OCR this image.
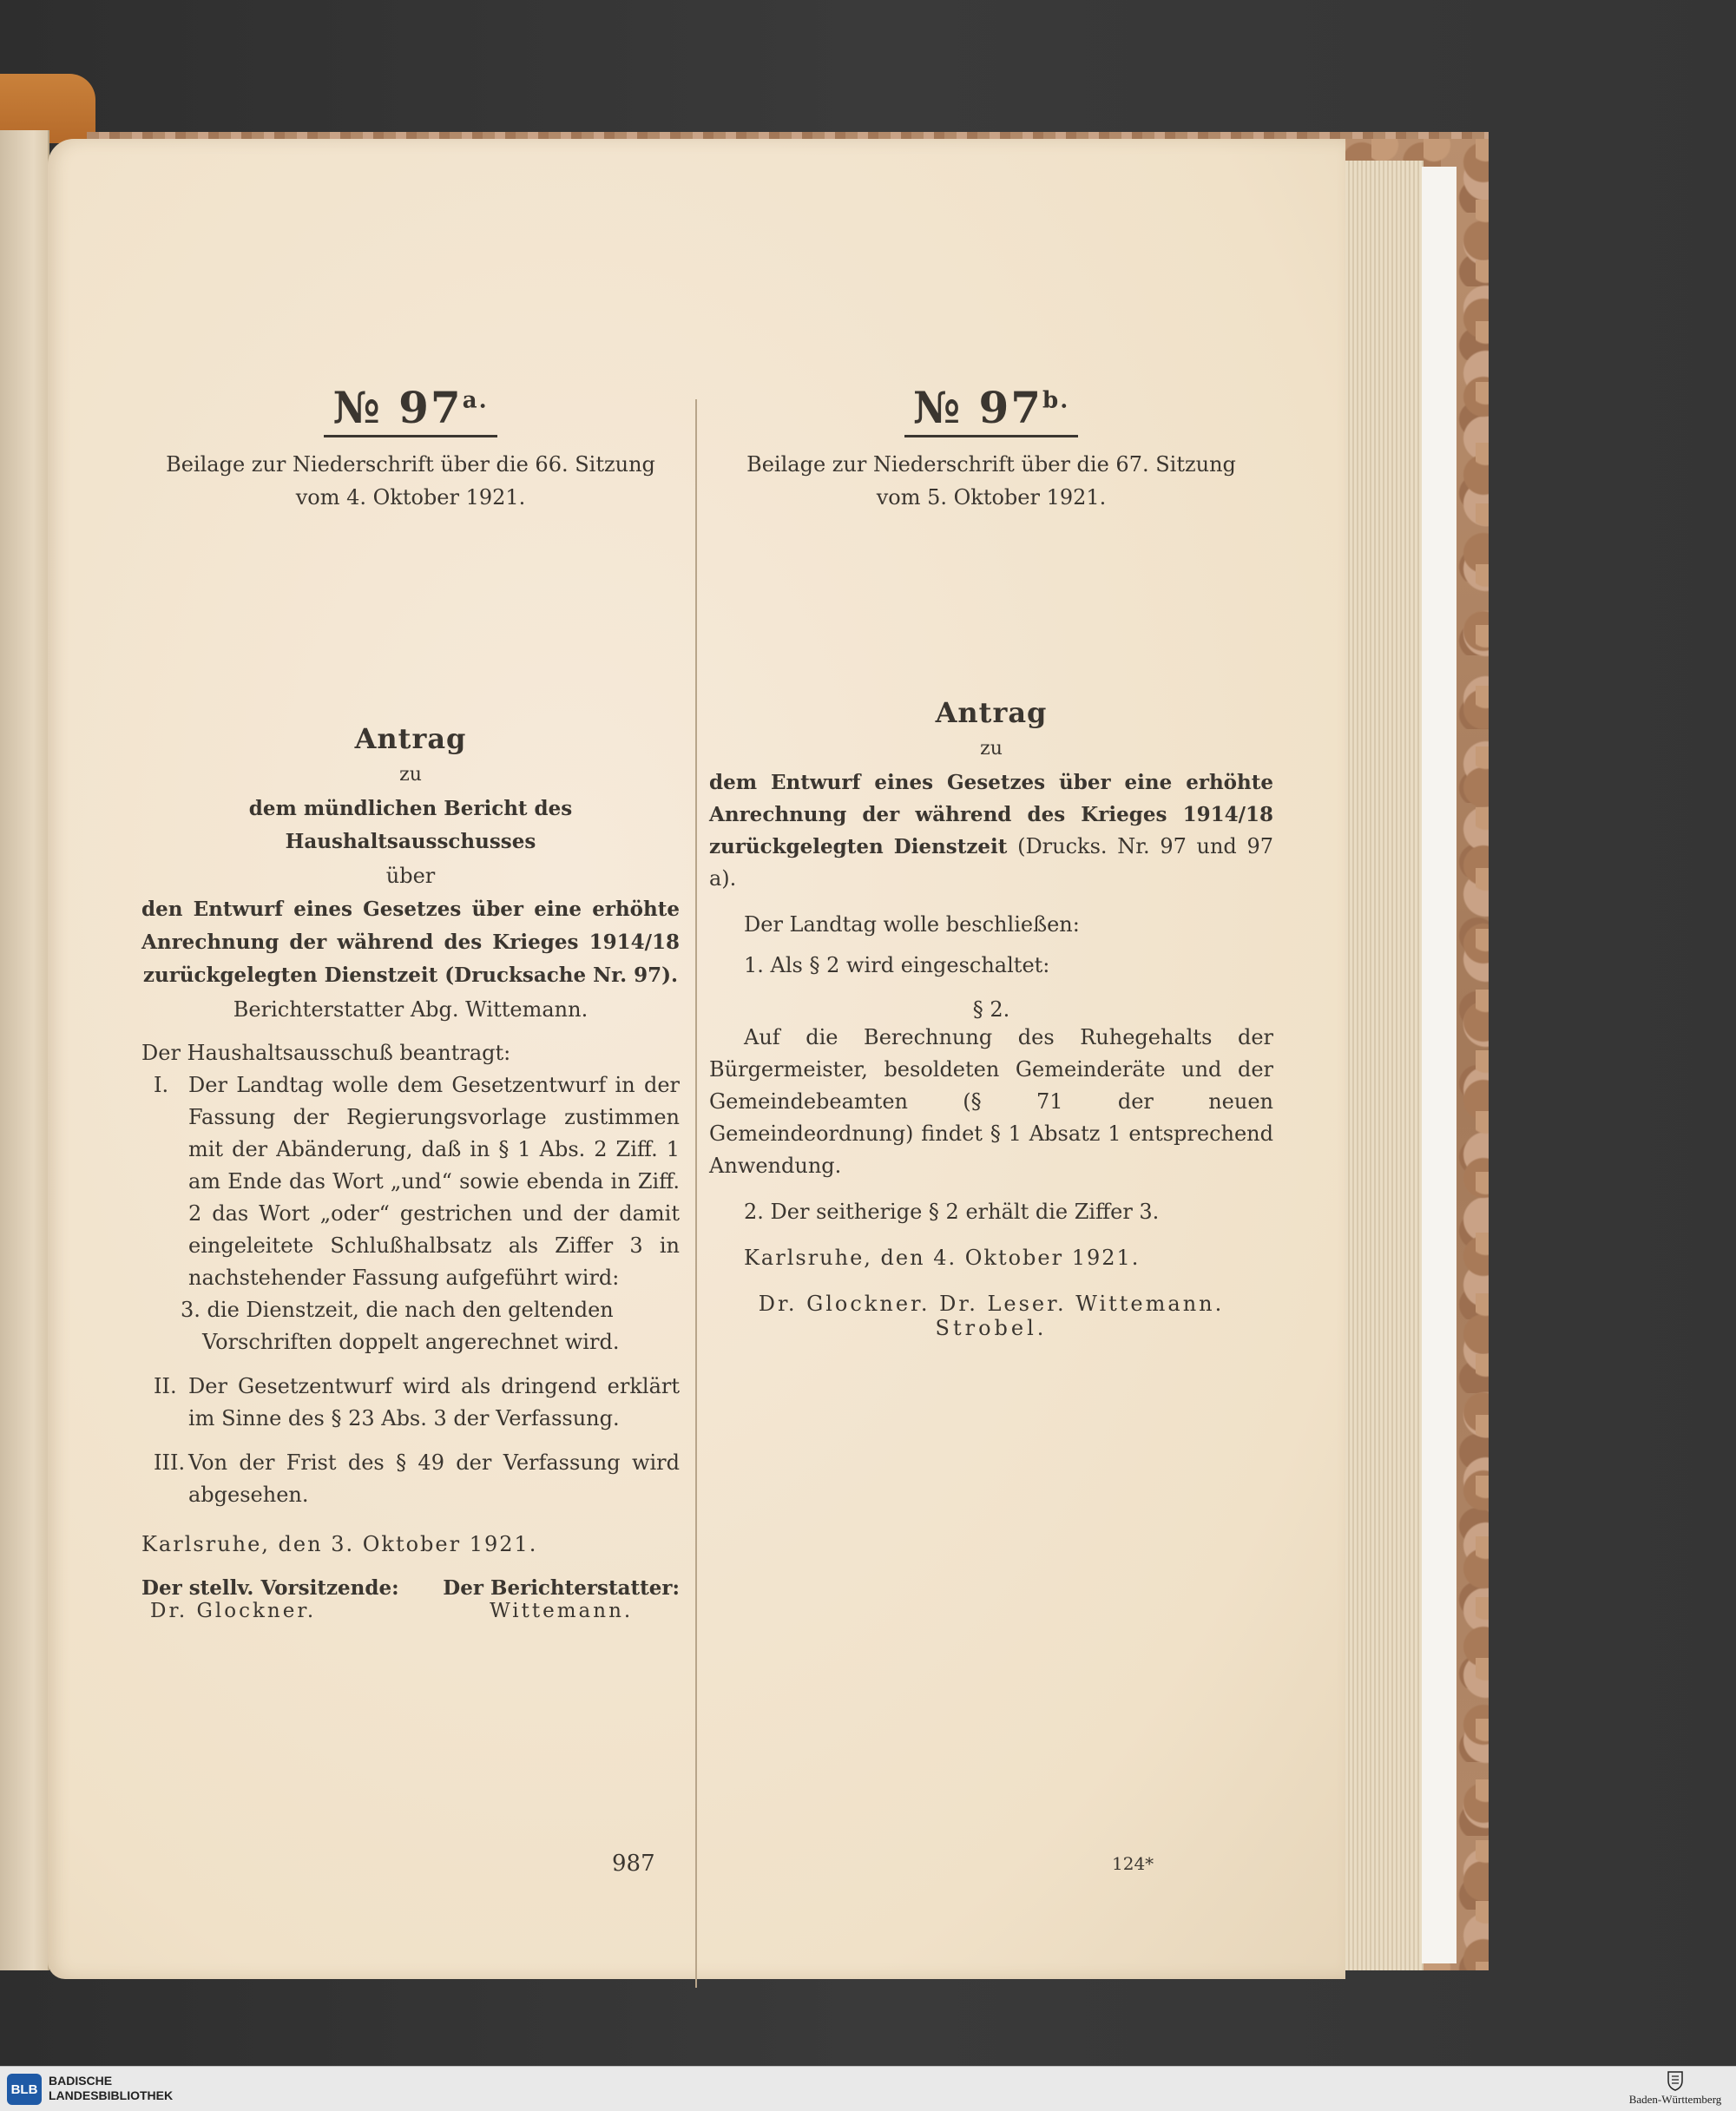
№ $97^{a.}$
Beilage zur Niederschrift über die 66. Sitzung
vom 4. Oktober 1921.
Antrag
zu
dem mündlichen Bericht des Haushaltsausschusses
über
den Entwurf eines Gesetzes über eine erhöhte Anrechnung der während des Krieges 1914/18 zurückgelegten Dienstzeit (Drucksache Nr. 97).
Berichterstatter Abg. Wittemann.
Der Haushaltsausschuß beantragt:
I. Der Landtag wolle dem Gesetzentwurf in der Fassung der Regierungsvorlage zustimmen mit der Abänderung, daß in § 1 Abs. 2 Ziff. 1 am Ende das Wort „und“ sowie ebenda in Ziff. 2 das Wort „oder“ gestrichen und der damit eingeleitete Schlußhalbsatz als Ziffer 3 in nachstehender Fassung aufgeführt wird:
3. die Dienstzeit, die nach den geltenden Vorschriften doppelt angerechnet wird.
II. Der Gesetzentwurf wird als dringend erklärt im Sinne des § 23 Abs. 3 der Verfassung.
III. Von der Frist des § 49 der Verfassung wird abgesehen.
Karlsruhe, den 3. Oktober 1921.
Der stellv. Vorsitzende:
Dr. Glockner.
Der Berichterstatter:
Wittemann.
№ $97^{b.}$
Beilage zur Niederschrift über die 67. Sitzung
vom 5. Oktober 1921.
Antrag
zu
dem Entwurf eines Gesetzes über eine erhöhte Anrechnung der während des Krieges 1914/18 zurückgelegten Dienstzeit (Drucks. Nr. 97 und 97 a).
Der Landtag wolle beschließen:
1. Als § 2 wird eingeschaltet:
§ 2.
Auf die Berechnung des Ruhegehalts der Bürgermeister, besoldeten Gemeinderäte und der Gemeindebeamten (§ 71 der neuen Gemeindeordnung) findet § 1 Absatz 1 entsprechend Anwendung.
2. Der seitherige § 2 erhält die Ziffer 3.
Karlsruhe, den 4. Oktober 1921.
Dr. Glockner. Dr. Leser. Wittemann.
Strobel.
987	124*
BLB
BADISCHE
LANDESBIBLIOTHEK	Baden-Württemberg
